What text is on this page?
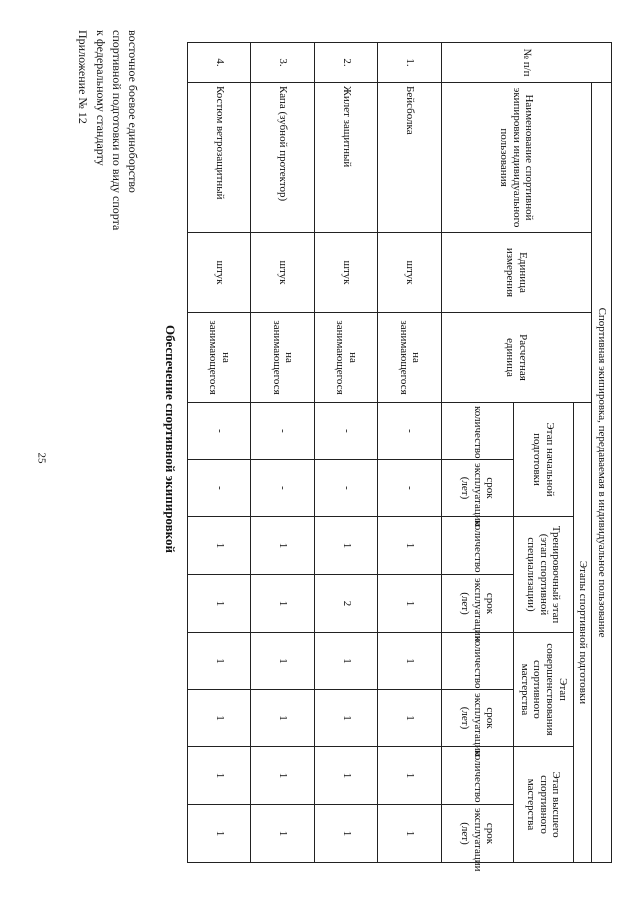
25
Приложение № 12 к федеральному стандарту спортивной подготовки по виду спорта восточное боевое единоборство
Обеспечение спортивной экипировкой
№ п/п	Спортивная экипировка, передаваемая в индивидуальное пользование										
	Наименование спортивной экипировки индивидуального пользования	Единица измерения	Расчетная единица	Этапы спортивной подготовки							
				Этап начальной подготовки		Тренировочный этап (этап спортивной специализации)		Этап совершенствования спортивного мастерства		Этап высшего спортивного мастерства	
				количество	срок эксплуатации (лет)	количество	срок эксплуатации (лет)	количество	срок эксплуатации (лет)	количество	срок эксплуатации (лет)
1.	Бейсболка	штук	на занимающегося	-	-	1	1	1	1	1	1
2.	Жилет защитный	штук	на занимающегося	-	-	1	2	1	1	1	1
3.	Капа (зубной протектор)	штук	на занимающегося	-	-	1	1	1	1	1	1
4.	Костюм ветрозащитный	штук	на занимающегося	-	-	1	1	1	1	1	1
